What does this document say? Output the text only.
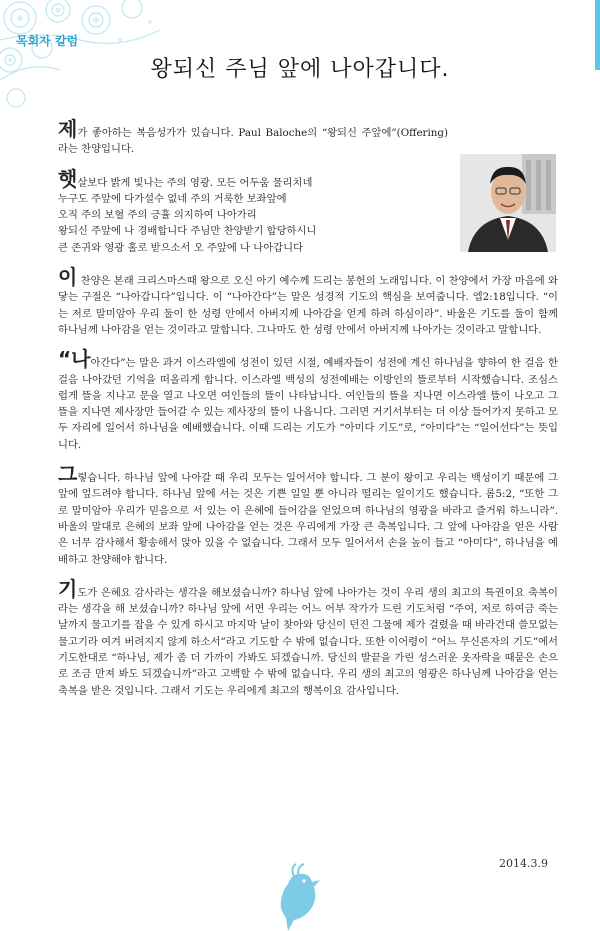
목회자 칼럼
왕되신 주님 앞에 나아갑니다.

제가 좋아하는 복음성가가 있습니다. Paul Baloche의 “왕되신 주앞에”(Offering)라는 찬양입니다.

햇살보다 밝게 빛나는 주의 영광. 모든 어두움 물리치네

누구도 주앞에 다가설수 없네 주의 거룩한 보좌앞에

오직 주의 보혈 주의 긍휼 의지하여 나아가리

왕되신 주앞에 나 경배합니다 주님만 찬양받기 합당하시니

큰 존귀와 영광 홀로 받으소서 오 주앞에 나 나아갑니다

이 찬양은 본래 크리스마스때 왕으로 오신 아기 예수께 드리는 봉헌의 노래입니다. 이 찬양에서 가장 마음에 와 닿는 구절은 “나아갑니다”입니다. 이 “나아간다”는 말은 성경적 기도의 핵심을 보여줍니다. 엡2:18입니다. “이는 저로 말미암아 우리 둘이 한 성령 안에서 아버지께 나아감을 얻게 하려 하심이라”. 바울은 기도를 둘이 함께 하나님께 나아감을 얻는 것이라고 말합니다. 그나마도 한 성령 안에서 아버지께 나아가는 것이라고 말합니다.

“나아간다”는 말은 과거 이스라엘에 성전이 있던 시절, 예배자들이 성전에 계신 하나님을 향하여 한 걸음 한 걸음 나아갔던 기억을 떠올리게 합니다. 이스라엘 백성의 성전예배는 이방인의 뜰로부터 시작했습니다. 조심스럽게 뜰을 지나고 문을 열고 나오면 여인들의 뜰이 나타납니다. 여인들의 뜰을 지나면 이스라엘 뜰이 나오고 그 뜰을 지나면 제사장만 들어갈 수 있는 제사장의 뜰이 나옵니다. 그러면 거기서부터는 더 이상 들어가지 못하고 모두 자리에 일어서 하나님을 예배했습니다. 이때 드리는 기도가 “아미다 기도”로, “아미다”는 “일어선다”는 뜻입니다.

그렇습니다. 하나님 앞에 나아갈 때 우리 모두는 일어서야 합니다. 그 분이 왕이고 우리는 백성이기 때문에 그 앞에 엎드려야 합니다. 하나님 앞에 서는 것은 기쁜 일일 뿐 아니라 떨리는 일이기도 했습니다. 롬5:2, “또한 그로 말미암아 우리가 믿음으로 서 있는 이 은혜에 들어감을 얻었으며 하나님의 영광을 바라고 즐거워 하느니라”. 바울의 말대로 은혜의 보좌 앞에 나아감을 얻는 것은 우리에게 가장 큰 축복입니다. 그 앞에 나아감을 얻은 사람은 너무 감사해서 황송해서 앉아 있을 수 없습니다. 그래서 모두 일어서서 손을 높이 들고 “아미다”, 하나님을 예배하고 찬양해야 합니다.

기도가 은혜요 감사라는 생각을 해보셨습니까? 하나님 앞에 나아가는 것이 우리 생의 최고의 특권이요 축복이라는 생각을 해 보셨습니까? 하나님 앞에 서면 우리는 어느 어부 작가가 드린 기도처럼 “주여, 저로 하여금 죽는 날까지 물고기를 잡을 수 있게 하시고 마지막 날이 찾아와 당신이 던진 그물에 제가 걸렸을 때 바라건대 쓸모없는 물고기라 여겨 버려지지 않게 하소서”라고 기도할 수 밖에 없습니다. 또한 이어령이 “어느 무신론자의 기도”에서 기도한대로 “하나님, 제가 좀 더 가까이 가봐도 되겠습니까. 당신의 발끝을 가린 성스러운 옷자락을 때묻은 손으로 조금 만져 봐도 되겠습니까”라고 고백할 수 밖에 없습니다. 우리 생의 최고의 영광은 하나님께 나아감을 얻는 축복을 받은 것입니다. 그래서 기도는 우리에게 최고의 행복이요 감사입니다.

2014.3.9
